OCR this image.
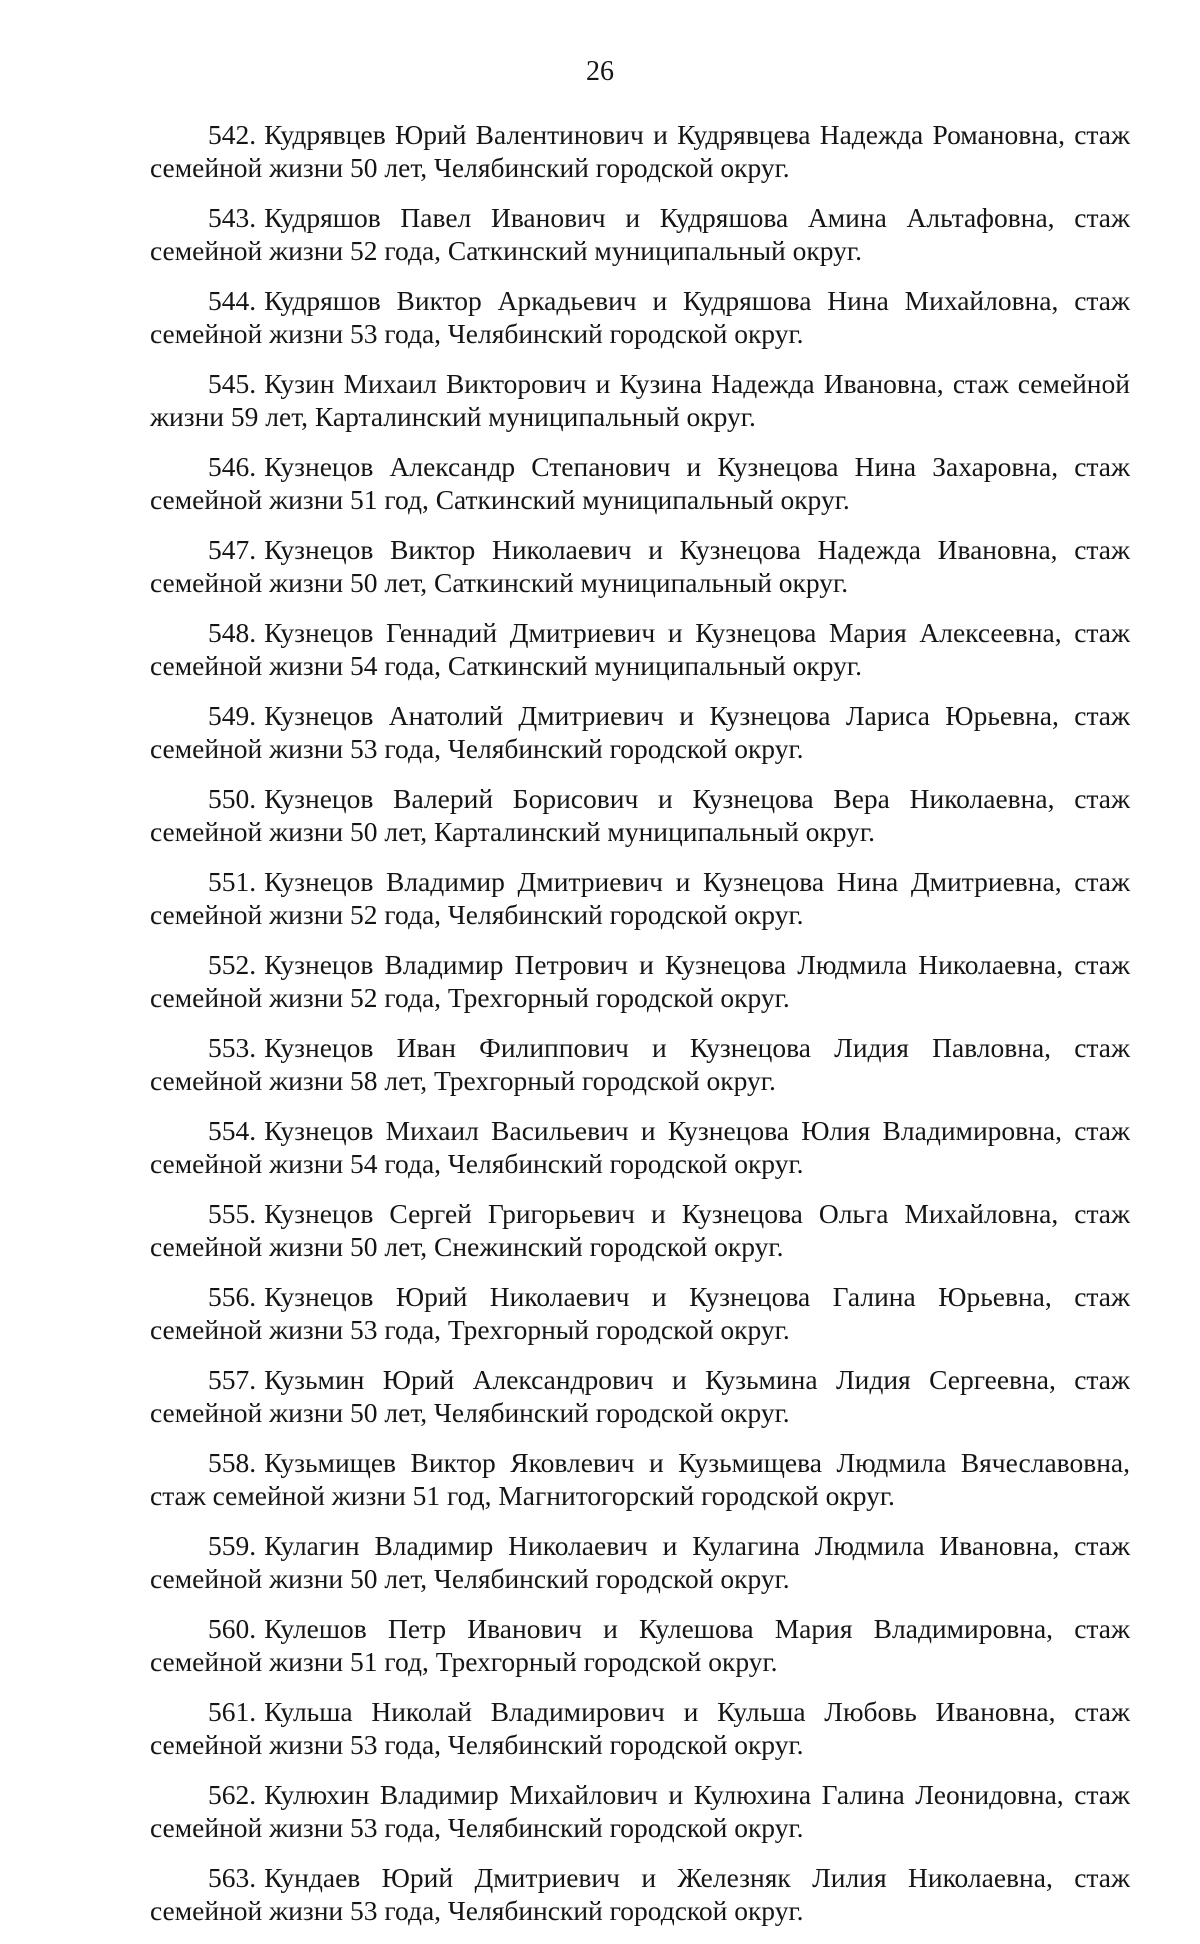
26

542. Кудрявцев Юрий Валентинович и Кудрявцева Надежда Романовна, стаж семейной жизни 50 лет, Челябинский городской округ.

543. Кудряшов Павел Иванович и Кудряшова Амина Альтафовна, стаж семейной жизни 52 года, Саткинский муниципальный округ.

544. Кудряшов Виктор Аркадьевич и Кудряшова Нина Михайловна, стаж семейной жизни 53 года, Челябинский городской округ.

545. Кузин Михаил Викторович и Кузина Надежда Ивановна, стаж семейной жизни 59 лет, Карталинский муниципальный округ.

546. Кузнецов Александр Степанович и Кузнецова Нина Захаровна, стаж семейной жизни 51 год, Саткинский муниципальный округ.

547. Кузнецов Виктор Николаевич и Кузнецова Надежда Ивановна, стаж семейной жизни 50 лет, Саткинский муниципальный округ.

548. Кузнецов Геннадий Дмитриевич и Кузнецова Мария Алексеевна, стаж семейной жизни 54 года, Саткинский муниципальный округ.

549. Кузнецов Анатолий Дмитриевич и Кузнецова Лариса Юрьевна, стаж семейной жизни 53 года, Челябинский городской округ.

550. Кузнецов Валерий Борисович и Кузнецова Вера Николаевна, стаж семейной жизни 50 лет, Карталинский муниципальный округ.

551. Кузнецов Владимир Дмитриевич и Кузнецова Нина Дмитриевна, стаж семейной жизни 52 года, Челябинский городской округ.

552. Кузнецов Владимир Петрович и Кузнецова Людмила Николаевна, стаж семейной жизни 52 года, Трехгорный городской округ.

553. Кузнецов Иван Филиппович и Кузнецова Лидия Павловна, стаж семейной жизни 58 лет, Трехгорный городской округ.

554. Кузнецов Михаил Васильевич и Кузнецова Юлия Владимировна, стаж семейной жизни 54 года, Челябинский городской округ.

555. Кузнецов Сергей Григорьевич и Кузнецова Ольга Михайловна, стаж семейной жизни 50 лет, Снежинский городской округ.

556. Кузнецов Юрий Николаевич и Кузнецова Галина Юрьевна, стаж семейной жизни 53 года, Трехгорный городской округ.

557. Кузьмин Юрий Александрович и Кузьмина Лидия Сергеевна, стаж семейной жизни 50 лет, Челябинский городской округ.

558. Кузьмищев Виктор Яковлевич и Кузьмищева Людмила Вячеславовна, стаж семейной жизни 51 год, Магнитогорский городской округ.

559. Кулагин Владимир Николаевич и Кулагина Людмила Ивановна, стаж семейной жизни 50 лет, Челябинский городской округ.

560. Кулешов Петр Иванович и Кулешова Мария Владимировна, стаж семейной жизни 51 год, Трехгорный городской округ.

561. Кульша Николай Владимирович и Кульша Любовь Ивановна, стаж семейной жизни 53 года, Челябинский городской округ.

562. Кулюхин Владимир Михайлович и Кулюхина Галина Леонидовна, стаж семейной жизни 53 года, Челябинский городской округ.

563. Кундаев Юрий Дмитриевич и Железняк Лилия Николаевна, стаж семейной жизни 53 года, Челябинский городской округ.
